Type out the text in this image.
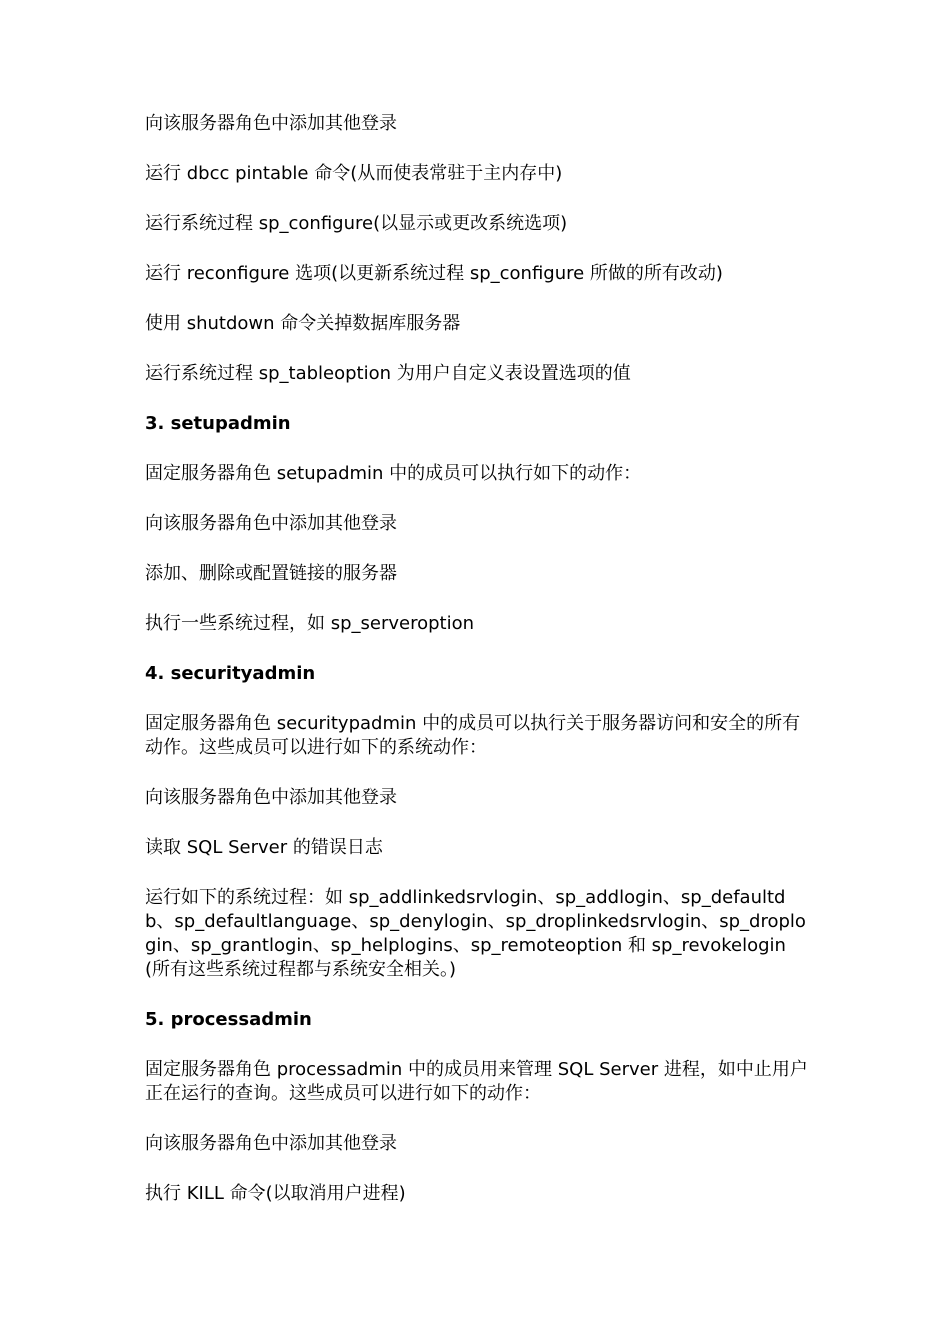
向该服务器角色中添加其他登录

运行 dbcc pintable 命令(从而使表常驻于主内存中)

运行系统过程 sp_configure(以显示或更改系统选项)

运行 reconfigure 选项(以更新系统过程 sp_configure 所做的所有改动)

使用 shutdown 命令关掉数据库服务器

运行系统过程 sp_tableoption 为用户自定义表设置选项的值

3. setupadmin

固定服务器角色 setupadmin 中的成员可以执行如下的动作：

向该服务器角色中添加其他登录

添加、删除或配置链接的服务器

执行一些系统过程，如 sp_serveroption

4. securityadmin

固定服务器角色 securitypadmin 中的成员可以执行关于服务器访问和安全的所有动作。这些成员可以进行如下的系统动作：

向该服务器角色中添加其他登录

读取 SQL Server 的错误日志

运行如下的系统过程：如 sp_addlinkedsrvlogin、sp_addlogin、sp_defaultdb、sp_defaultlanguage、sp_denylogin、sp_droplinkedsrvlogin、sp_droplogin、sp_grantlogin、sp_helplogins、sp_remoteoption 和 sp_revokelogin(所有这些系统过程都与系统安全相关。)

5. processadmin

固定服务器角色 processadmin 中的成员用来管理 SQL Server 进程，如中止用户正在运行的查询。这些成员可以进行如下的动作：

向该服务器角色中添加其他登录

执行 KILL 命令(以取消用户进程)
